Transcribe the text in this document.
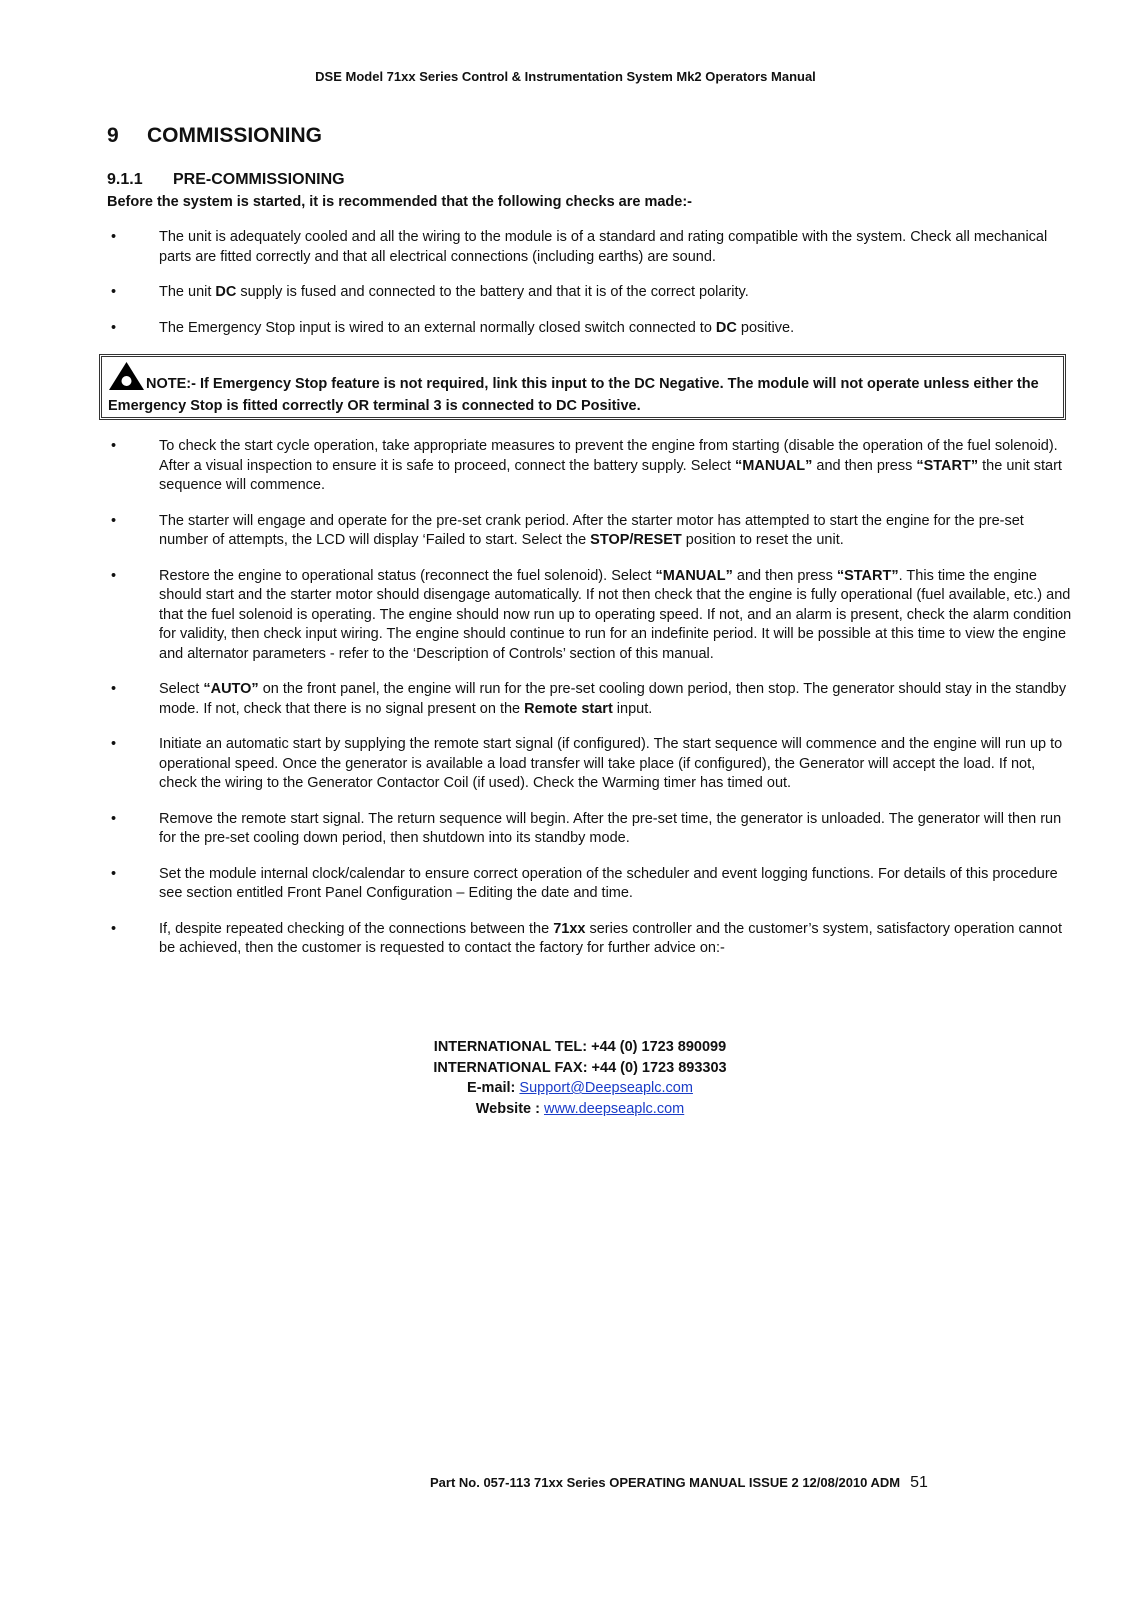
DSE Model 71xx Series Control & Instrumentation System Mk2 Operators Manual
9 COMMISSIONING
9.1.1 PRE-COMMISSIONING

Before the system is started, it is recommended that the following checks are made:-

•	The unit is adequately cooled and all the wiring to the module is of a standard and rating compatible with the system. Check all mechanical parts are fitted correctly and that all electrical connections (including earths) are sound.
•	The unit DC supply is fused and connected to the battery and that it is of the correct polarity.
•	The Emergency Stop input is wired to an external normally closed switch connected to DC positive.
NOTE:- If Emergency Stop feature is not required, link this input to the DC Negative. The module will not operate unless either the Emergency Stop is fitted correctly OR terminal 3 is connected to DC Positive.
•	To check the start cycle operation, take appropriate measures to prevent the engine from starting (disable the operation of the fuel solenoid). After a visual inspection to ensure it is safe to proceed, connect the battery supply. Select “MANUAL” and then press “START” the unit start sequence will commence.
•	The starter will engage and operate for the pre-set crank period. After the starter motor has attempted to start the engine for the pre-set number of attempts, the LCD will display ‘Failed to start. Select the STOP/RESET position to reset the unit.
•	Restore the engine to operational status (reconnect the fuel solenoid). Select “MANUAL” and then press “START”. This time the engine should start and the starter motor should disengage automatically. If not then check that the engine is fully operational (fuel available, etc.) and that the fuel solenoid is operating. The engine should now run up to operating speed. If not, and an alarm is present, check the alarm condition for validity, then check input wiring. The engine should continue to run for an indefinite period. It will be possible at this time to view the engine and alternator parameters - refer to the ‘Description of Controls’ section of this manual.
•	Select “AUTO” on the front panel, the engine will run for the pre-set cooling down period, then stop. The generator should stay in the standby mode. If not, check that there is no signal present on the Remote start input.
•	Initiate an automatic start by supplying the remote start signal (if configured). The start sequence will commence and the engine will run up to operational speed. Once the generator is available a load transfer will take place (if configured), the Generator will accept the load. If not, check the wiring to the Generator Contactor Coil (if used). Check the Warming timer has timed out.
•	Remove the remote start signal. The return sequence will begin. After the pre-set time, the generator is unloaded. The generator will then run for the pre-set cooling down period, then shutdown into its standby mode.
•	Set the module internal clock/calendar to ensure correct operation of the scheduler and event logging functions. For details of this procedure see section entitled Front Panel Configuration – Editing the date and time.
•	If, despite repeated checking of the connections between the 71xx series controller and the customer’s system, satisfactory operation cannot be achieved, then the customer is requested to contact the factory for further advice on:-
INTERNATIONAL TEL: +44 (0) 1723 890099
INTERNATIONAL FAX: +44 (0) 1723 893303
E-mail: Support@Deepseaplc.com
Website : www.deepseaplc.com
Part No. 057-113 71xx Series OPERATING MANUAL ISSUE 2 12/08/2010 ADM 51
